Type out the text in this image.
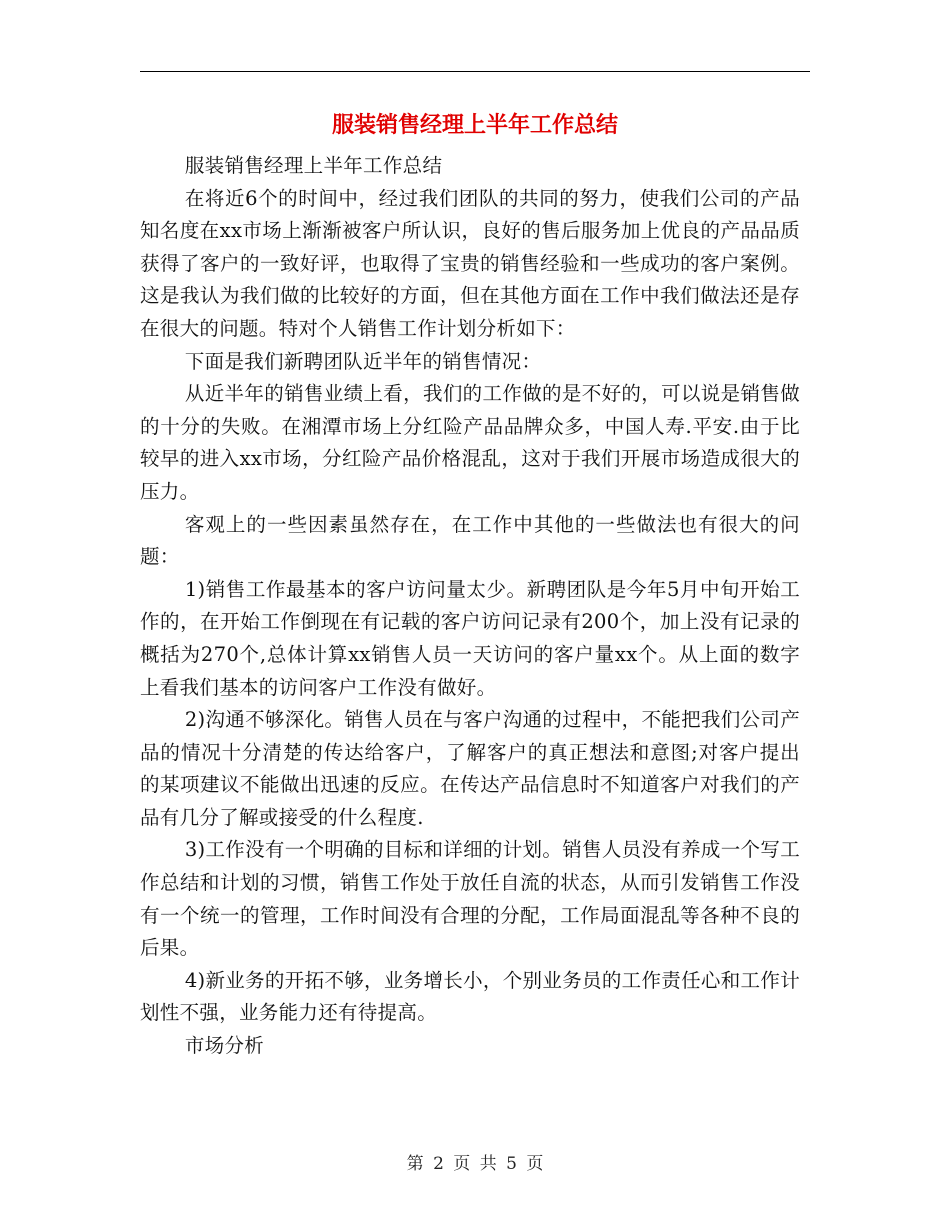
服装销售经理上半年工作总结

服装销售经理上半年工作总结

在将近6个的时间中，经过我们团队的共同的努力，使我们公司的产品知名度在xx市场上渐渐被客户所认识，良好的售后服务加上优良的产品品质获得了客户的一致好评，也取得了宝贵的销售经验和一些成功的客户案例。这是我认为我们做的比较好的方面，但在其他方面在工作中我们做法还是存在很大的问题。特对个人销售工作计划分析如下：

下面是我们新聘团队近半年的销售情况：

从近半年的销售业绩上看，我们的工作做的是不好的，可以说是销售做的十分的失败。在湘潭市场上分红险产品品牌众多，中国人寿.平安.由于比较早的进入xx市场，分红险产品价格混乱，这对于我们开展市场造成很大的压力。

客观上的一些因素虽然存在，在工作中其他的一些做法也有很大的问题：

1)销售工作最基本的客户访问量太少。新聘团队是今年5月中旬开始工作的，在开始工作倒现在有记载的客户访问记录有200个，加上没有记录的概括为270个,总体计算xx销售人员一天访问的客户量xx个。从上面的数字上看我们基本的访问客户工作没有做好。

2)沟通不够深化。销售人员在与客户沟通的过程中，不能把我们公司产品的情况十分清楚的传达给客户，了解客户的真正想法和意图;对客户提出的某项建议不能做出迅速的反应。在传达产品信息时不知道客户对我们的产品有几分了解或接受的什么程度.

3)工作没有一个明确的目标和详细的计划。销售人员没有养成一个写工作总结和计划的习惯，销售工作处于放任自流的状态，从而引发销售工作没有一个统一的管理，工作时间没有合理的分配，工作局面混乱等各种不良的后果。

4)新业务的开拓不够，业务增长小，个别业务员的工作责任心和工作计划性不强，业务能力还有待提高。

市场分析

第 2 页 共 5 页
